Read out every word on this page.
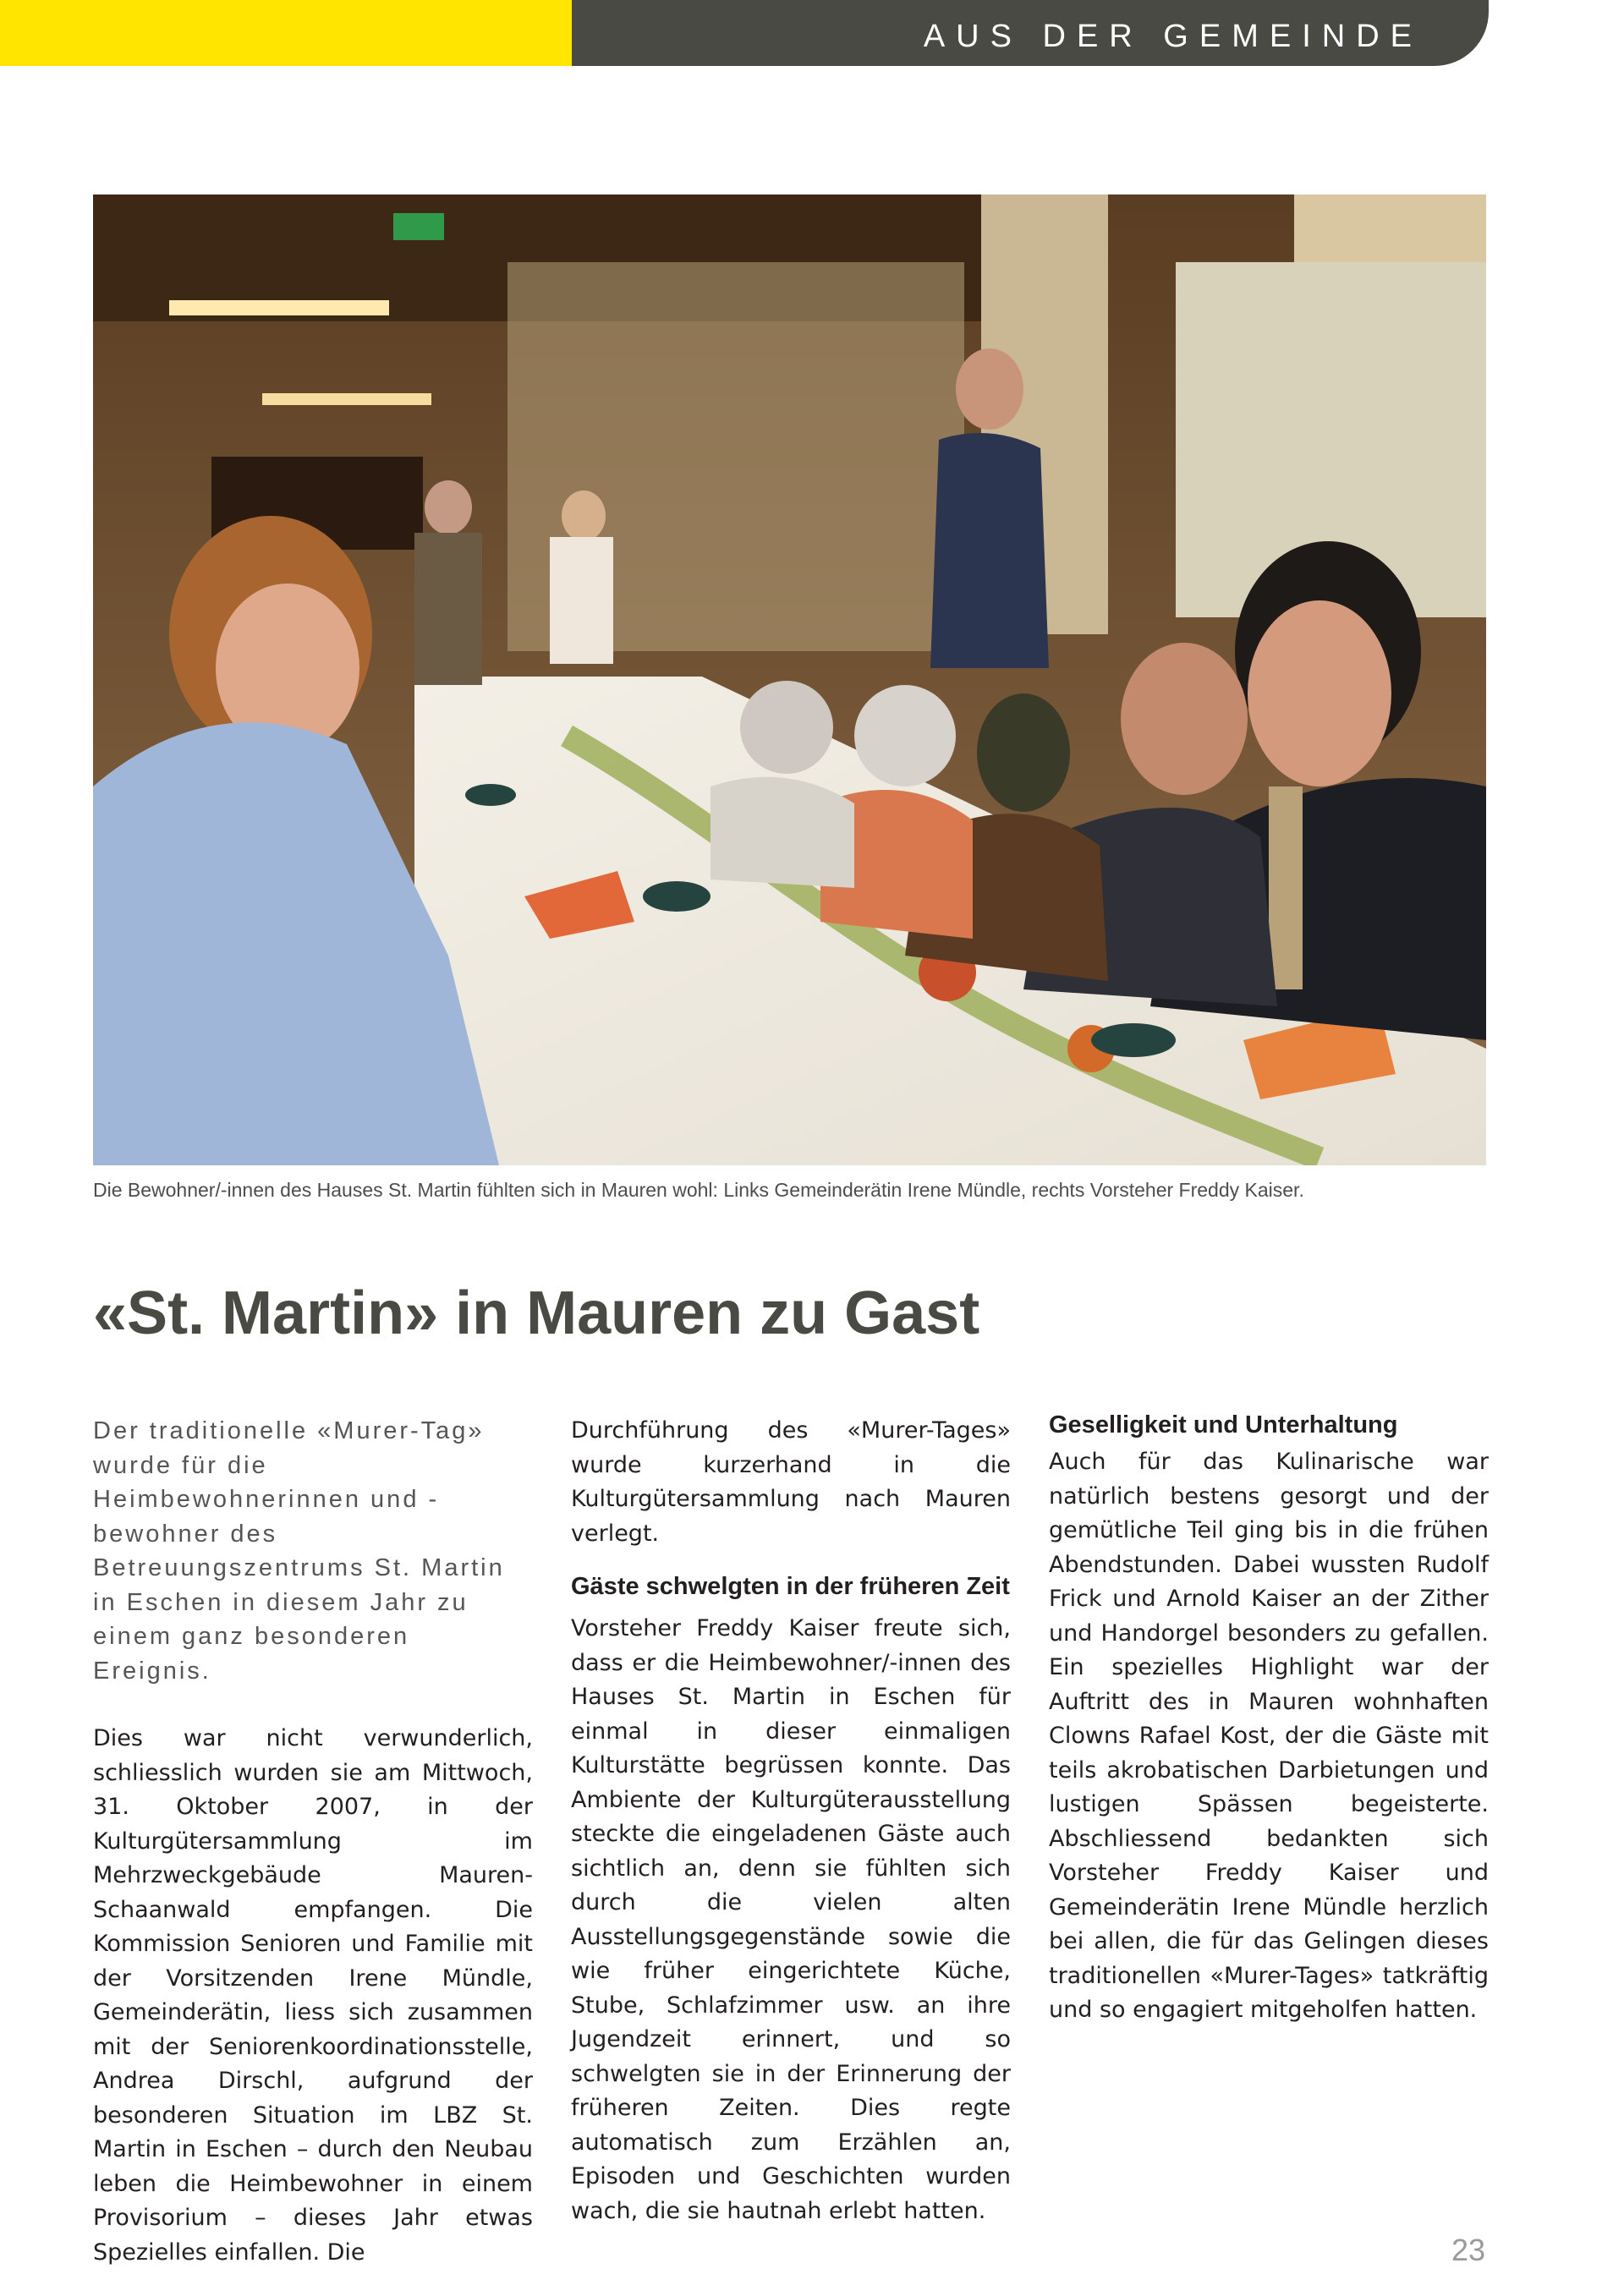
AUS DER GEMEINDE
Die Bewohner/-innen des Hauses St. Martin fühlten sich in Mauren wohl: Links Gemeinderätin Irene Mündle, rechts Vorsteher Freddy Kaiser.
«St. Martin» in Mauren zu Gast

Der traditionelle «Murer-Tag» wurde für die Heimbewohnerinnen und -bewohner des Betreuungszentrums St. Martin in Eschen in diesem Jahr zu einem ganz besonderen Ereignis.

Dies war nicht verwunderlich, schliesslich wurden sie am Mittwoch, 31. Oktober 2007, in der Kulturgütersammlung im Mehrzweckgebäude Mauren-Schaanwald empfangen. Die Kommission Senioren und Familie mit der Vorsitzenden Irene Mündle, Gemeinderätin, liess sich zusammen mit der Seniorenkoordinationsstelle, Andrea Dirschl, aufgrund der besonderen Situation im LBZ St. Martin in Eschen – durch den Neubau leben die Heimbewohner in einem Provisorium – dieses Jahr etwas Spezielles einfallen. Die

Durchführung des «Murer-Tages» wurde kurzerhand in die Kulturgütersammlung nach Mauren verlegt.

Gäste schwelgten in der früheren Zeit

Vorsteher Freddy Kaiser freute sich, dass er die Heimbewohner/-innen des Hauses St. Martin in Eschen für einmal in dieser einmaligen Kulturstätte begrüssen konnte. Das Ambiente der Kulturgüterausstellung steckte die eingeladenen Gäste auch sichtlich an, denn sie fühlten sich durch die vielen alten Ausstellungsgegenstände sowie die wie früher eingerichtete Küche, Stube, Schlafzimmer usw. an ihre Jugendzeit erinnert, und so schwelgten sie in der Erinnerung der früheren Zeiten. Dies regte automatisch zum Erzählen an, Episoden und Geschichten wurden wach, die sie hautnah erlebt hatten.

Geselligkeit und Unterhaltung

Auch für das Kulinarische war natürlich bestens gesorgt und der gemütliche Teil ging bis in die frühen Abendstunden. Dabei wussten Rudolf Frick und Arnold Kaiser an der Zither und Handorgel besonders zu gefallen. Ein spezielles Highlight war der Auftritt des in Mauren wohnhaften Clowns Rafael Kost, der die Gäste mit teils akrobatischen Darbietungen und lustigen Spässen begeisterte. Abschliessend bedankten sich Vorsteher Freddy Kaiser und Gemeinderätin Irene Mündle herzlich bei allen, die für das Gelingen dieses traditionellen «Murer-Tages» tatkräftig und so engagiert mitgeholfen hatten.

23
